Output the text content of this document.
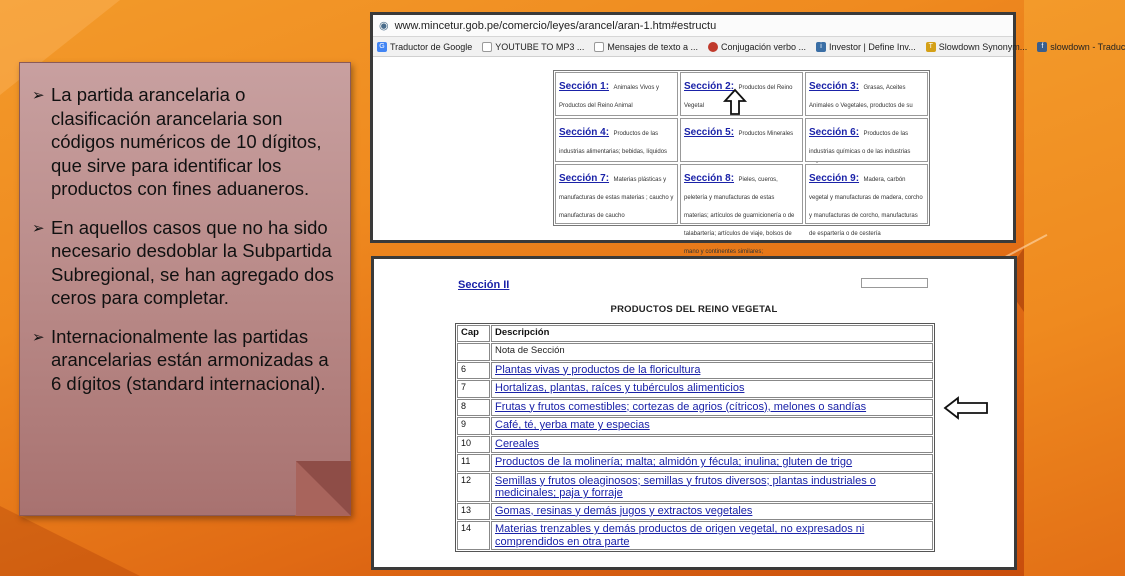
➢ La partida arancelaria o clasificación arancelaria son códigos numéricos de 10 dígitos, que sirve para identificar los productos con fines aduaneros.
➢ En aquellos casos que no ha sido necesario desdoblar la Subpartida Subregional, se han agregado dos ceros para completar.
➢ Internacionalmente las partidas arancelarias están armonizadas a 6 dígitos (standard internacional).
◉ www.mincetur.gob.pe/comercio/leyes/arancel/aran-1.htm#estructu
G Traductor de Google	YOUTUBE TO MP3 ...	Mensajes de texto a ...	Conjugación verbo ...	i Investor | Define Inv...	T Slowdown Synonym...	f slowdown - Traduc
Sección 1: Animales Vivos y Productos del Reino Animal
Sección 2: Productos del Reino Vegetal
Sección 3: Grasas, Aceites Animales o Vegetales, productos de su
Sección 4: Productos de las industrias alimentarias; bebidas, líquidos
Sección 5: Productos Minerales	Sección 6: Productos de las industrias químicas o de las industrias
Sección 7: Materias plásticas y manufacturas de estas materias ; caucho y manufacturas de caucho
Sección 8: Pieles, cueros, peletería y manufacturas de estas materias; artículos de guarnicionería o de talabartería; artículos de viaje, bolsos de mano y continentes similares;
Sección 9: Madera, carbón vegetal y manufacturas de madera, corcho y manufacturas de corcho, manufacturas de espartería o de cestería
Sección II
PRODUCTOS DEL REINO VEGETAL
Cap	Descripción
	Nota de Sección
6	Plantas vivas y productos de la floricultura
7	Hortalizas, plantas, raíces y tubérculos alimenticios
8	Frutas y frutos comestibles; cortezas de agrios (cítricos), melones o sandías
9	Café, té, yerba mate y especias
10	Cereales
11	Productos de la molinería; malta; almidón y fécula; inulina; gluten de trigo
12	Semillas y frutos oleaginosos; semillas y frutos diversos; plantas industriales o medicinales; paja y forraje
13	Gomas, resinas y demás jugos y extractos vegetales
14	Materias trenzables y demás productos de origen vegetal, no expresados ni comprendidos en otra parte
